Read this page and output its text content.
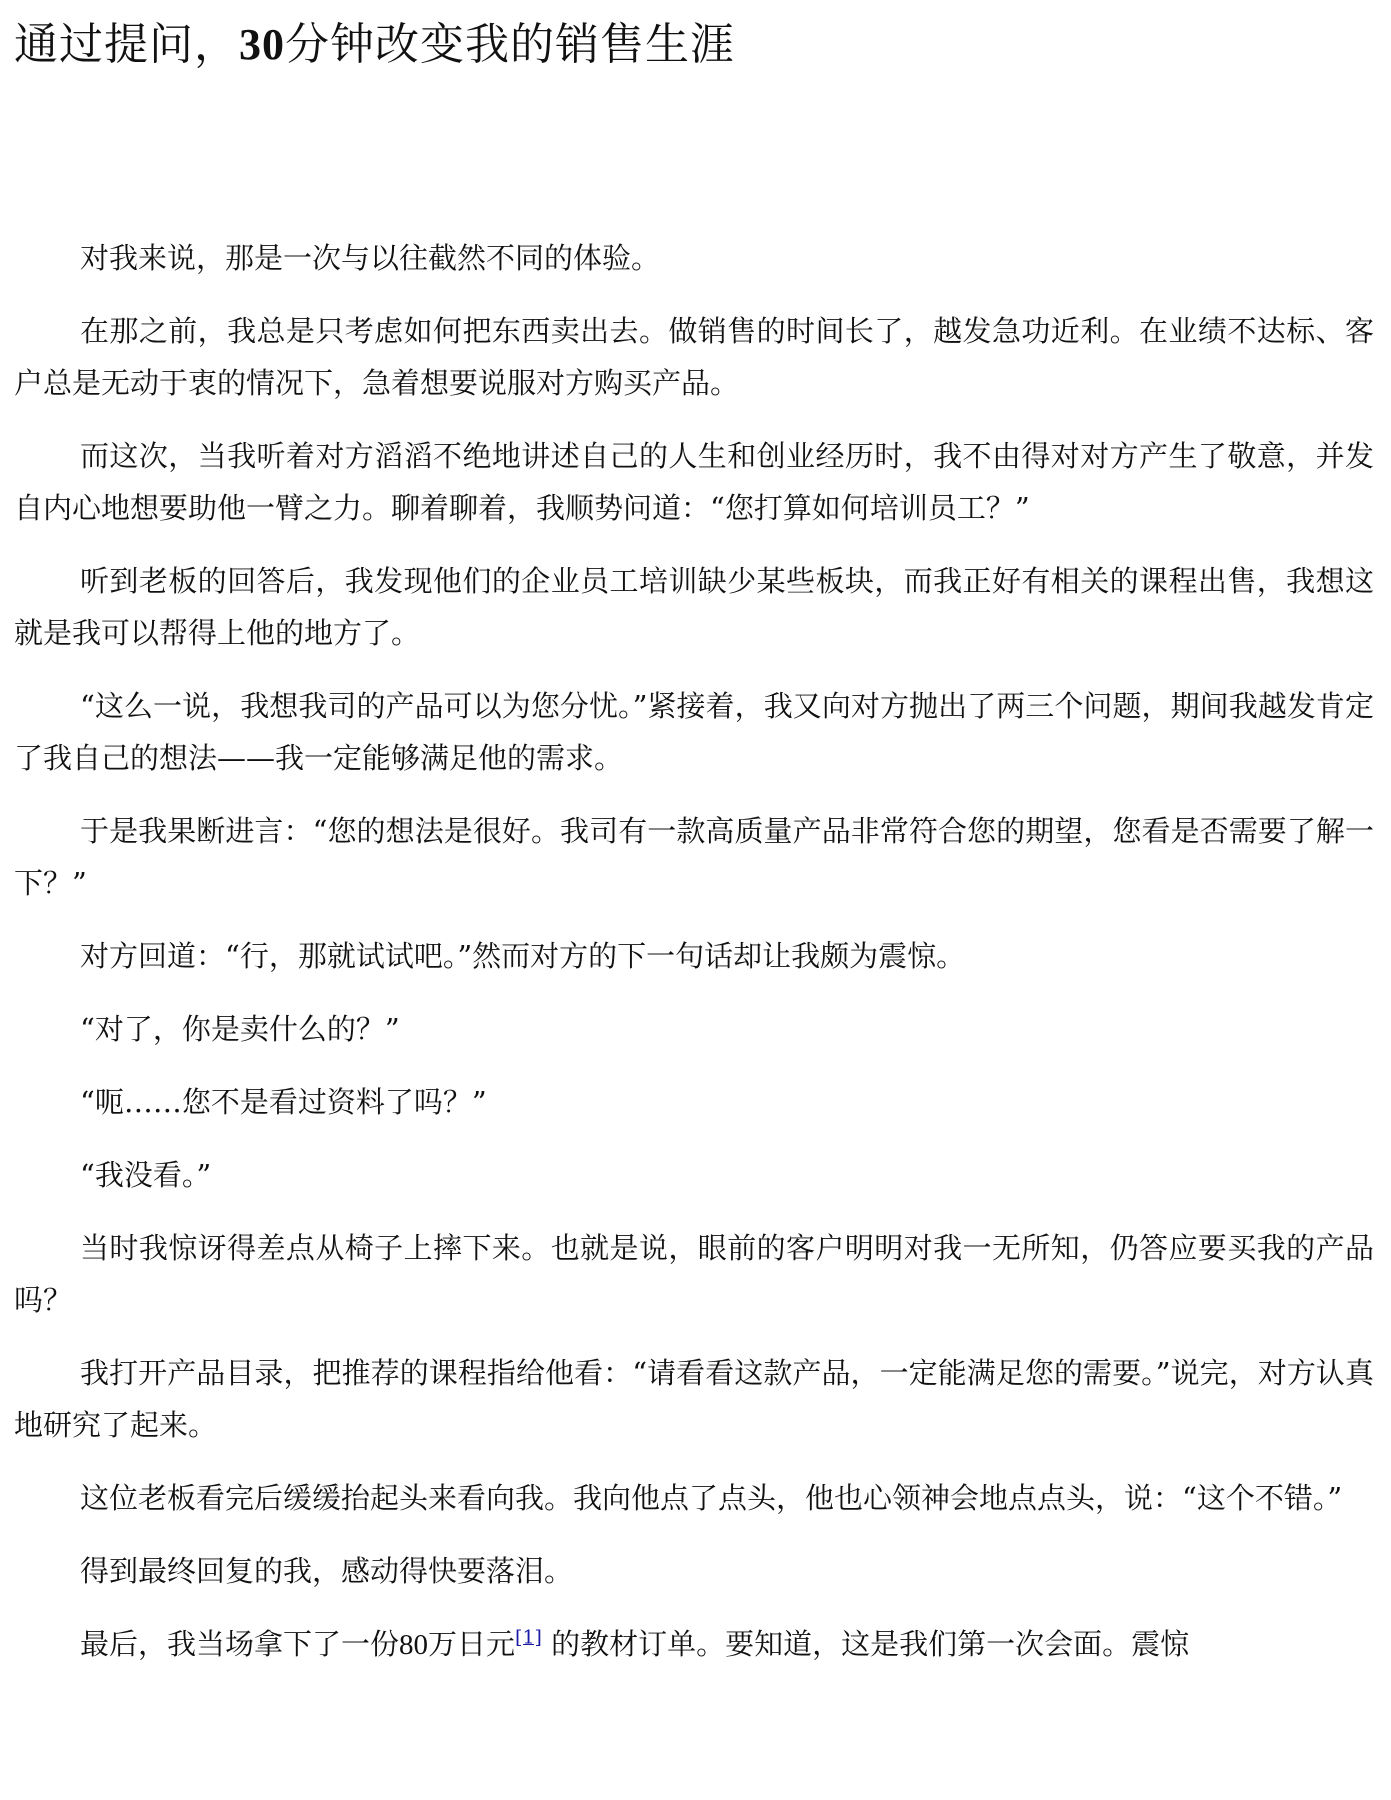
通过提问，30分钟改变我的销售生涯

对我来说，那是一次与以往截然不同的体验。

在那之前，我总是只考虑如何把东西卖出去。做销售的时间长了，越发急功近利。在业绩不达标、客户总是无动于衷的情况下，急着想要说服对方购买产品。

而这次，当我听着对方滔滔不绝地讲述自己的人生和创业经历时，我不由得对对方产生了敬意，并发自内心地想要助他一臂之力。聊着聊着，我顺势问道：“您打算如何培训员工？”

听到老板的回答后，我发现他们的企业员工培训缺少某些板块，而我正好有相关的课程出售，我想这就是我可以帮得上他的地方了。

“这么一说，我想我司的产品可以为您分忧。”紧接着，我又向对方抛出了两三个问题，期间我越发肯定了我自己的想法——我一定能够满足他的需求。

于是我果断进言：“您的想法是很好。我司有一款高质量产品非常符合您的期望，您看是否需要了解一下？”

对方回道：“行，那就试试吧。”然而对方的下一句话却让我颇为震惊。

“对了，你是卖什么的？”

“呃……您不是看过资料了吗？”

“我没看。”

当时我惊讶得差点从椅子上摔下来。也就是说，眼前的客户明明对我一无所知，仍答应要买我的产品吗？

我打开产品目录，把推荐的课程指给他看：“请看看这款产品，一定能满足您的需要。”说完，对方认真地研究了起来。

这位老板看完后缓缓抬起头来看向我。我向他点了点头，他也心领神会地点点头，说：“这个不错。”

得到最终回复的我，感动得快要落泪。

最后，我当场拿下了一份80万日元[1] 的教材订单。要知道，这是我们第一次会面。震惊
